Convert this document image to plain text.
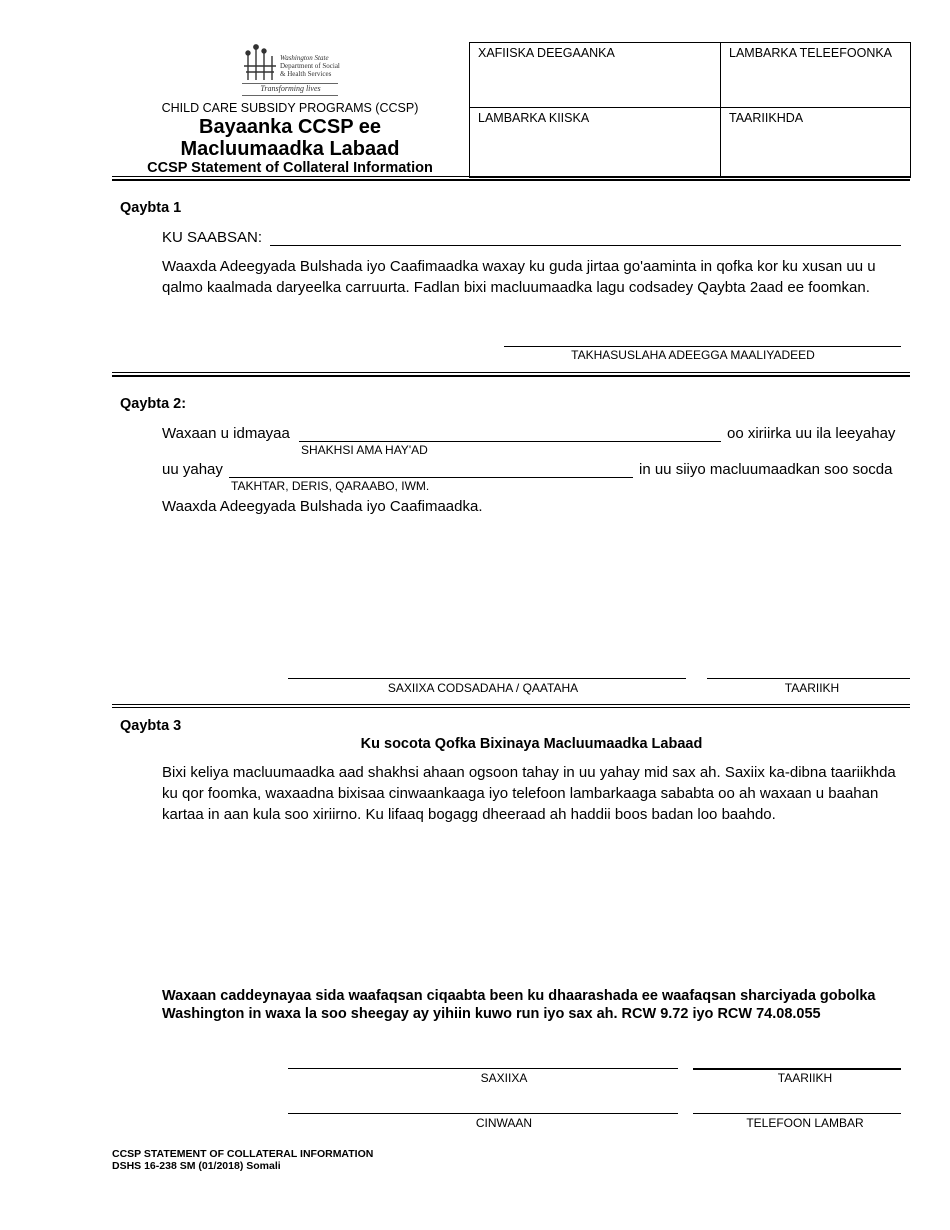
Washington State
Department of Social
& Health Services
Transforming lives
CHILD CARE SUBSIDY PROGRAMS (CCSP)
Bayaanka CCSP ee
Macluumaadka Labaad
CCSP Statement of Collateral Information
XAFIISKA DEEGAANKA	LAMBARKA TELEEFOONKA
LAMBARKA KIISKA	TAARIIKHDA
Qaybta 1
KU SAABSAN:
Waaxda Adeegyada Bulshada iyo Caafimaadka waxay ku guda jirtaa go'aaminta in qofka kor ku xusan uu u qalmo kaalmada daryeelka carruurta. Fadlan bixi macluumaadka lagu codsadey Qaybta 2aad ee foomkan.
TAKHASUSLAHA ADEEGGA MAALIYADEED
Qaybta 2:
Waxaan u idmayaa	oo xiriirka uu ila leeyahay
SHAKHSI AMA HAY'AD
uu yahay	in uu siiyo macluumaadkan soo socda
TAKHTAR, DERIS, QARAABO, IWM.
Waaxda Adeegyada Bulshada iyo Caafimaadka.
SAXIIXA CODSADAHA / QAATAHA	TAARIIKH
Qaybta 3
Ku socota Qofka Bixinaya Macluumaadka Labaad
Bixi keliya macluumaadka aad shakhsi ahaan ogsoon tahay in uu yahay mid sax ah. Saxiix ka-dibna taariikhda ku qor foomka, waxaadna bixisaa cinwaankaaga iyo telefoon lambarkaaga sababta oo ah waxaan u baahan kartaa in aan kula soo xiriirno. Ku lifaaq bogagg dheeraad ah haddii boos badan loo baahdo.
Waxaan caddeynayaa sida waafaqsan ciqaabta been ku dhaarashada ee waafaqsan sharciyada gobolka Washington in waxa la soo sheegay ay yihiin kuwo run iyo sax ah. RCW 9.72 iyo RCW 74.08.055
SAXIIXA	TAARIIKH
CINWAAN	TELEFOON LAMBAR
CCSP STATEMENT OF COLLATERAL INFORMATION
DSHS 16-238 SM (01/2018) Somali
